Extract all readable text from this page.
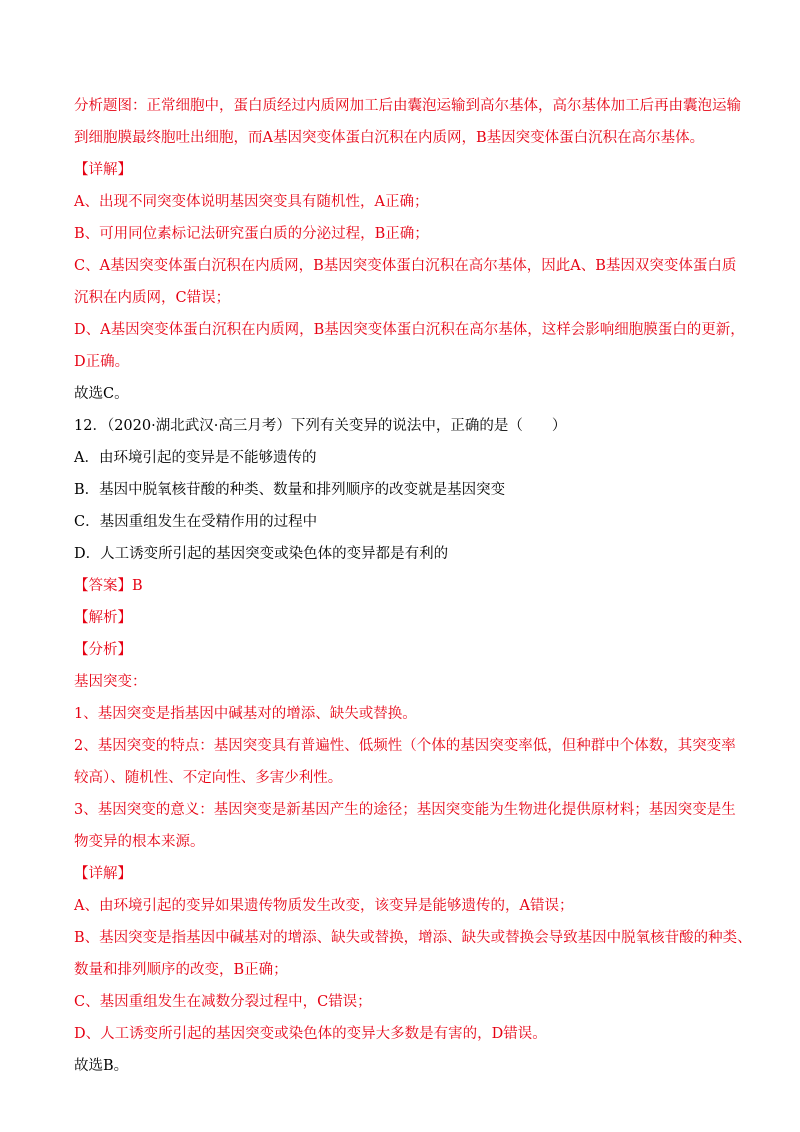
分析题图：正常细胞中，蛋白质经过内质网加工后由囊泡运输到高尔基体，高尔基体加工后再由囊泡运输
到细胞膜最终胞吐出细胞，而A基因突变体蛋白沉积在内质网，B基因突变体蛋白沉积在高尔基体。
【详解】
A、出现不同突变体说明基因突变具有随机性，A正确；
B、可用同位素标记法研究蛋白质的分泌过程，B正确；
C、A基因突变体蛋白沉积在内质网，B基因突变体蛋白沉积在高尔基体，因此A、B基因双突变体蛋白质
沉积在内质网，C错误；
D、A基因突变体蛋白沉积在内质网，B基因突变体蛋白沉积在高尔基体，这样会影响细胞膜蛋白的更新，
D正确。
故选C。
12．（2020·湖北武汉·高三月考）下列有关变异的说法中，正确的是（　　）
A．由环境引起的变异是不能够遗传的
B．基因中脱氧核苷酸的种类、数量和排列顺序的改变就是基因突变
C．基因重组发生在受精作用的过程中
D．人工诱变所引起的基因突变或染色体的变异都是有利的
【答案】B
【解析】
【分析】
基因突变：
1、基因突变是指基因中碱基对的增添、缺失或替换。
2、基因突变的特点：基因突变具有普遍性、低频性（个体的基因突变率低，但种群中个体数，其突变率
较高）、随机性、不定向性、多害少利性。
3、基因突变的意义：基因突变是新基因产生的途径；基因突变能为生物进化提供原材料；基因突变是生
物变异的根本来源。
【详解】
A、由环境引起的变异如果遗传物质发生改变，该变异是能够遗传的，A错误；
B、基因突变是指基因中碱基对的增添、缺失或替换，增添、缺失或替换会导致基因中脱氧核苷酸的种类、
数量和排列顺序的改变，B正确；
C、基因重组发生在减数分裂过程中，C错误；
D、人工诱变所引起的基因突变或染色体的变异大多数是有害的，D错误。
故选B。
